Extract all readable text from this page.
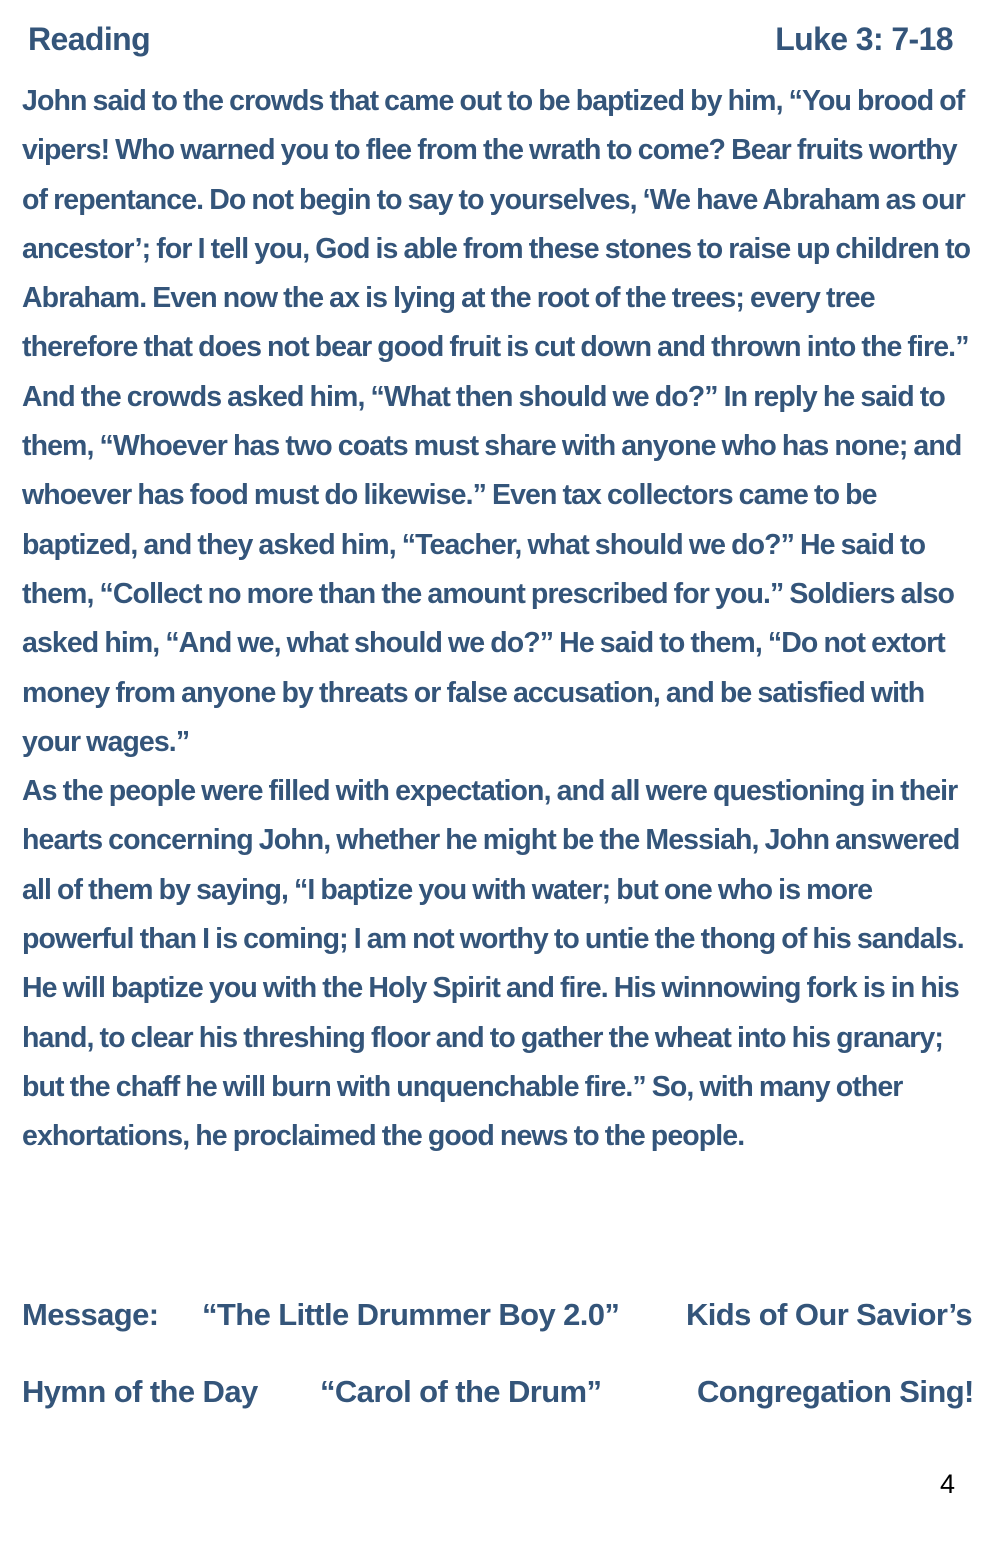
Reading	Luke 3: 7-18

John said to the crowds that came out to be baptized by him, “You brood of vipers! Who warned you to flee from the wrath to come? Bear fruits worthy of repentance. Do not begin to say to yourselves, ‘We have Abraham as our ancestor’; for I tell you, God is able from these stones to raise up children to Abraham. Even now the ax is lying at the root of the trees; every tree therefore that does not bear good fruit is cut down and thrown into the fire.” And the crowds asked him, “What then should we do?” In reply he said to them, “Whoever has two coats must share with anyone who has none; and whoever has food must do likewise.” Even tax collectors came to be baptized, and they asked him, “Teacher, what should we do?” He said to them, “Collect no more than the amount prescribed for you.” Soldiers also asked him, “And we, what should we do?” He said to them, “Do not extort money from anyone by threats or false accusation, and be satisfied with your wages.”

As the people were filled with expectation, and all were questioning in their hearts concerning John, whether he might be the Messiah, John answered all of them by saying, “I baptize you with water; but one who is more powerful than I is coming; I am not worthy to untie the thong of his sandals. He will baptize you with the Holy Spirit and fire. His winnowing fork is in his hand, to clear his threshing floor and to gather the wheat into his granary; but the chaff he will burn with unquenchable fire.” So, with many other exhortations, he proclaimed the good news to the people.

Message: “The Little Drummer Boy 2.0” Kids of Our Savior’s
Hymn of the Day “Carol of the Drum”	Congregation Sing!
4
